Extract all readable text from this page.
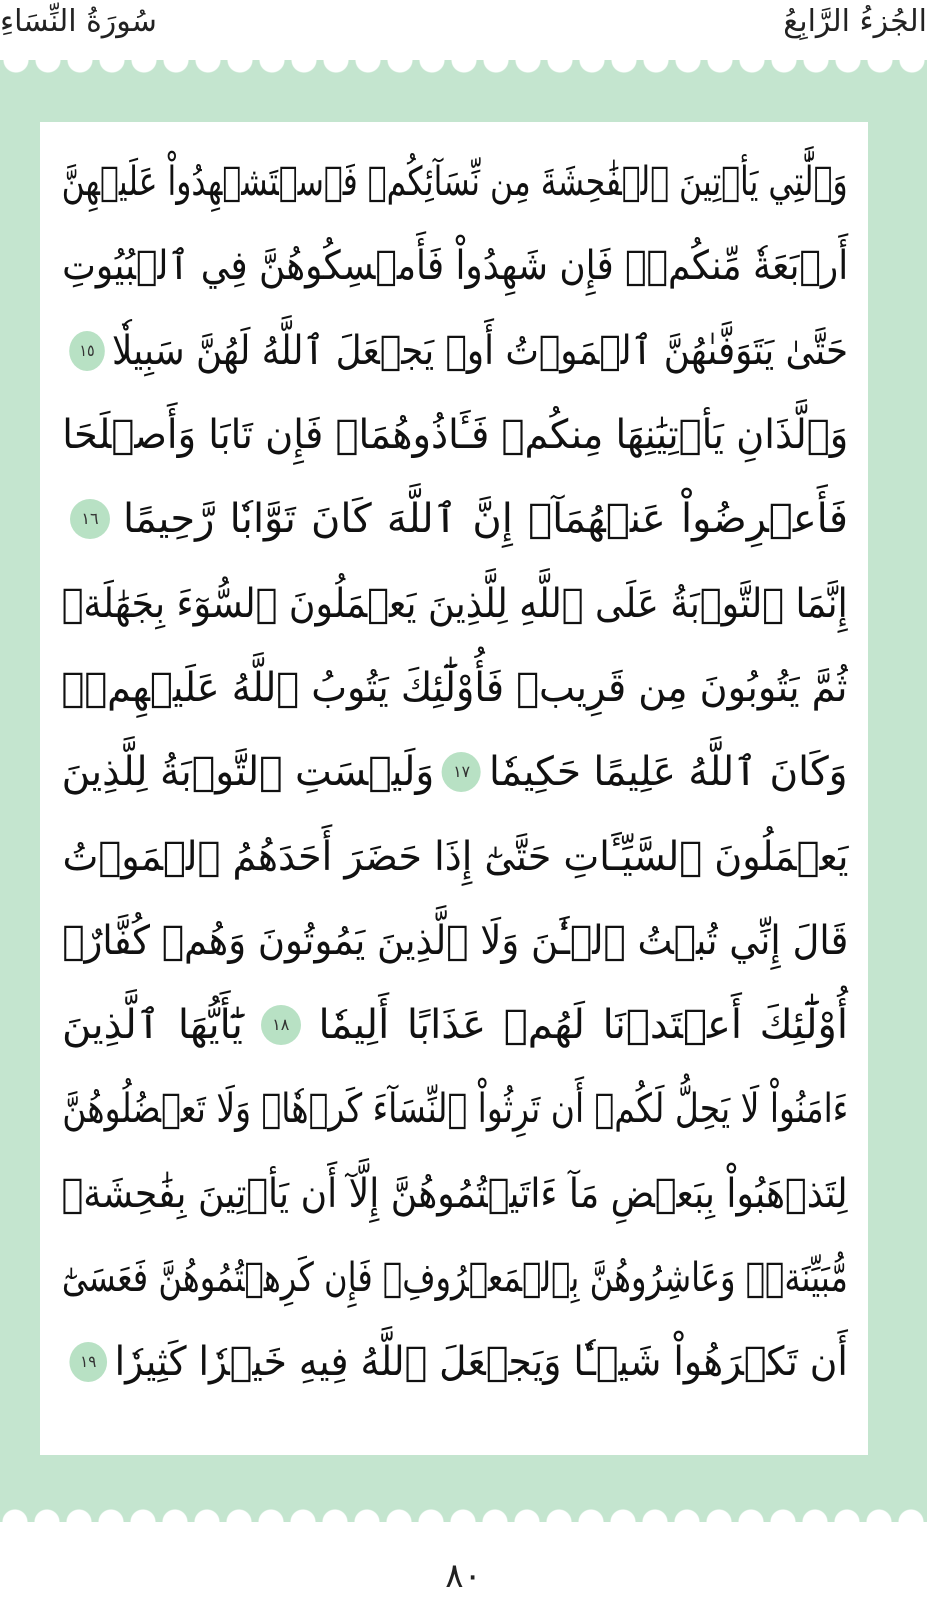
الجُزءُ الرَّابِعُ
سُورَةُ النِّسَاءِ
وَٱلَّٰتِي يَأۡتِينَ ٱلۡفَٰحِشَةَ مِن نِّسَآئِكُمۡ فَٱسۡتَشۡهِدُواْ عَلَيۡهِنَّ
أَرۡبَعَةٗ مِّنكُمۡۖ فَإِن شَهِدُواْ فَأَمۡسِكُوهُنَّ فِي ٱلۡبُيُوتِ
حَتَّىٰ يَتَوَفَّىٰهُنَّ ٱلۡمَوۡتُ أَوۡ يَجۡعَلَ ٱللَّهُ لَهُنَّ سَبِيلٗا
١٥
وَٱلَّذَانِ يَأۡتِيَٰنِهَا مِنكُمۡ فَـَٔاذُوهُمَاۖ فَإِن تَابَا وَأَصۡلَحَا
فَأَعۡرِضُواْ عَنۡهُمَآۗ إِنَّ ٱللَّهَ كَانَ تَوَّابٗا رَّحِيمًا
١٦
إِنَّمَا ٱلتَّوۡبَةُ عَلَى ٱللَّهِ لِلَّذِينَ يَعۡمَلُونَ ٱلسُّوٓءَ بِجَهَٰلَةٖ
ثُمَّ يَتُوبُونَ مِن قَرِيبٖ فَأُوْلَٰٓئِكَ يَتُوبُ ٱللَّهُ عَلَيۡهِمۡۗ
وَكَانَ ٱللَّهُ عَلِيمًا حَكِيمٗا
١٧
وَلَيۡسَتِ ٱلتَّوۡبَةُ لِلَّذِينَ
يَعۡمَلُونَ ٱلسَّيِّـَٔاتِ حَتَّىٰٓ إِذَا حَضَرَ أَحَدَهُمُ ٱلۡمَوۡتُ
قَالَ إِنِّي تُبۡتُ ٱلۡـَٰٔنَ وَلَا ٱلَّذِينَ يَمُوتُونَ وَهُمۡ كُفَّارٌۚ
أُوْلَٰٓئِكَ أَعۡتَدۡنَا لَهُمۡ عَذَابًا أَلِيمٗا
١٨
يَٰٓأَيُّهَا ٱلَّذِينَ
ءَامَنُواْ لَا يَحِلُّ لَكُمۡ أَن تَرِثُواْ ٱلنِّسَآءَ كَرۡهٗاۖ وَلَا تَعۡضُلُوهُنَّ
لِتَذۡهَبُواْ بِبَعۡضِ مَآ ءَاتَيۡتُمُوهُنَّ إِلَّآ أَن يَأۡتِينَ بِفَٰحِشَةٖ
مُّبَيِّنَةٖۚ وَعَاشِرُوهُنَّ بِٱلۡمَعۡرُوفِۚ فَإِن كَرِهۡتُمُوهُنَّ فَعَسَىٰٓ
أَن تَكۡرَهُواْ شَيۡـٔٗا وَيَجۡعَلَ ٱللَّهُ فِيهِ خَيۡرٗا كَثِيرٗا
١٩
٨٠
